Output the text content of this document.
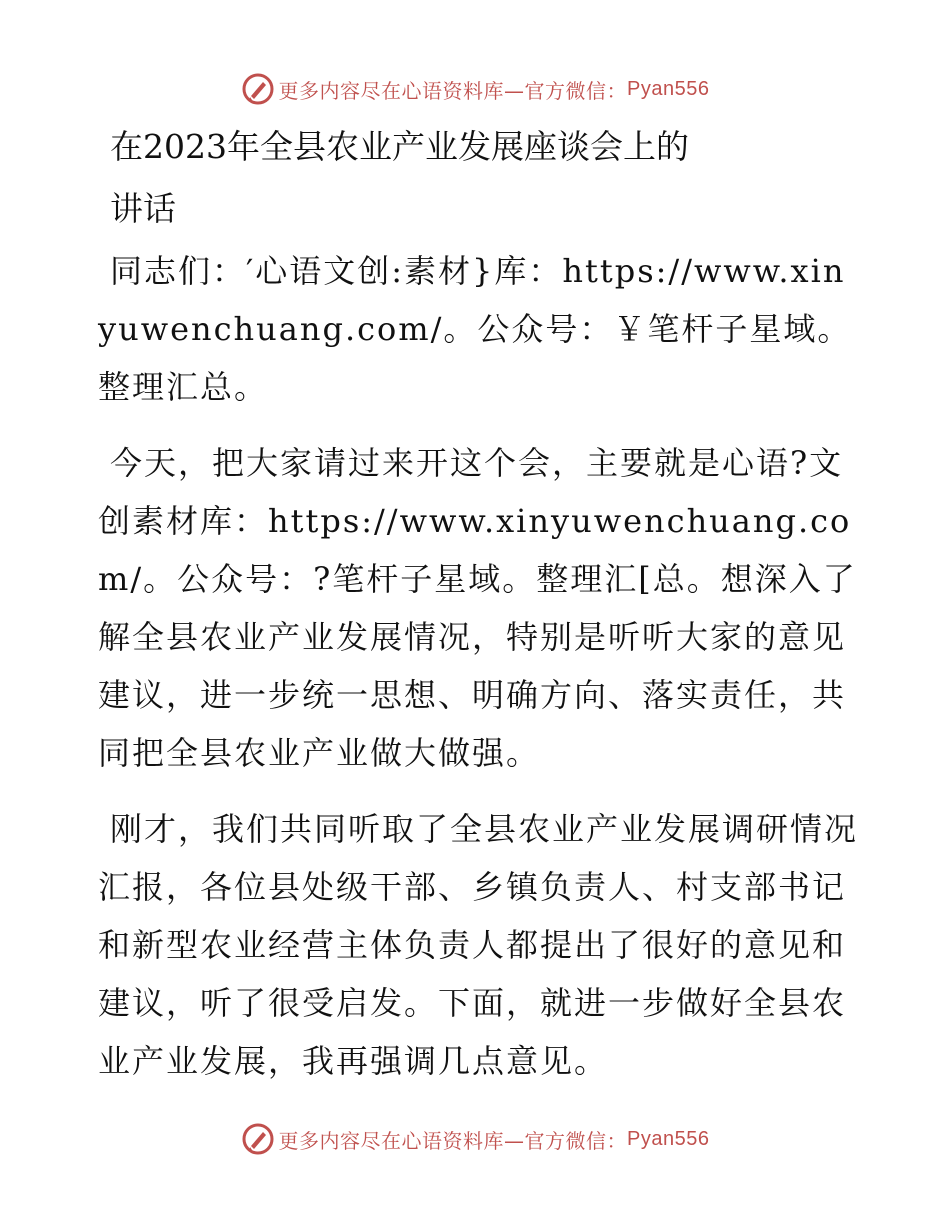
更多内容尽在心语资料库—官方微信： Pyan556
在2023年全县农业产业发展座谈会上的
讲话

同志们：′心语文创:素材}库：https://www.xinyuwenchuang.com/。公众号：￥笔杆子星域。整理汇总。

今天，把大家请过来开这个会，主要就是心语?文创素材库：https://www.xinyuwenchuang.com/。公众号：?笔杆子星域。整理汇[总。想深入了解全县农业产业发展情况，特别是听听大家的意见建议，进一步统一思想、明确方向、落实责任，共同把全县农业产业做大做强。

刚才，我们共同听取了全县农业产业发展调研情况汇报，各位县处级干部、乡镇负责人、村支部书记和新型农业经营主体负责人都提出了很好的意见和建议，听了很受启发。下面，就进一步做好全县农业产业发展，我再强调几点意见。

更多内容尽在心语资料库—官方微信： Pyan556
